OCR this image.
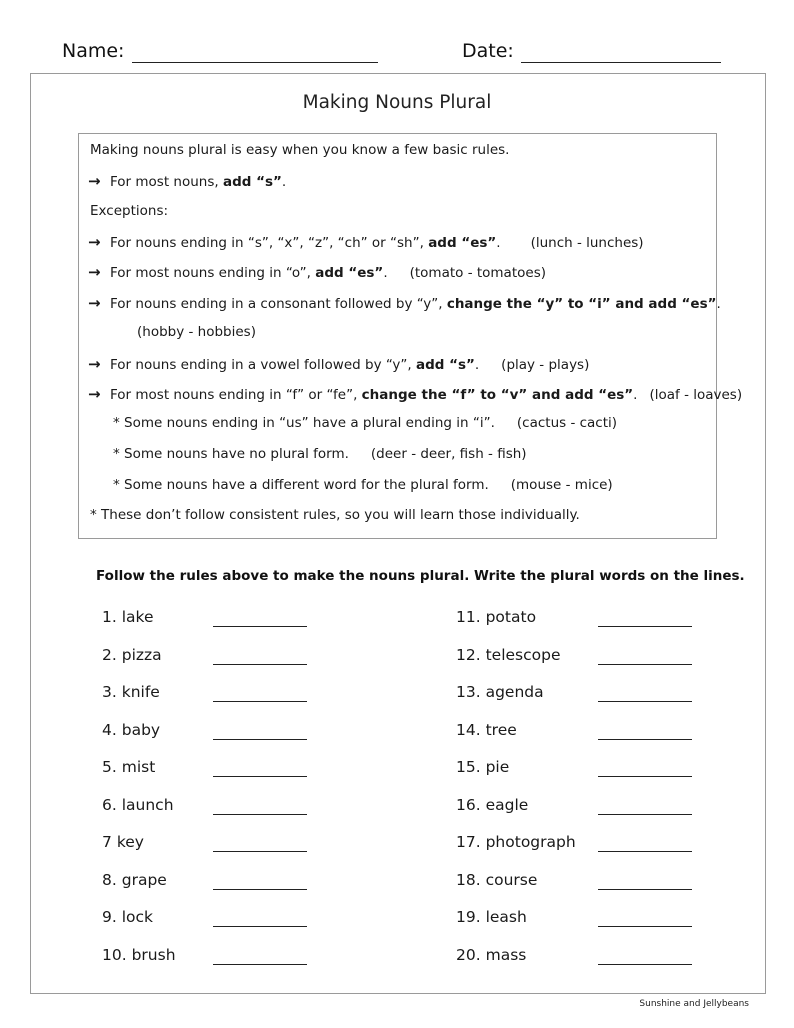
Name:	Date:
Making Nouns Plural
Making nouns plural is easy when you know a few basic rules.
→ For most nouns, add “s”.
Exceptions:
→ For nouns ending in “s”, “x”, “z”, “ch” or “sh”, add “es”. (lunch - lunches)
→ For most nouns ending in “o”, add “es”. (tomato - tomatoes)
→ For nouns ending in a consonant followed by “y”, change the “y” to “i” and add “es”.
(hobby - hobbies)
→ For nouns ending in a vowel followed by “y”, add “s”. (play - plays)
→ For most nouns ending in “f” or “fe”, change the “f” to “v” and add “es”. (loaf - loaves)
* Some nouns ending in “us” have a plural ending in “i”. (cactus - cacti)
* Some nouns have no plural form. (deer - deer, fish - fish)
* Some nouns have a different word for the plural form. (mouse - mice)
* These don’t follow consistent rules, so you will learn those individually.
Follow the rules above to make the nouns plural. Write the plural words on the lines.
1. lake
2. pizza
3. knife
4. baby
5. mist
6. launch
7 key
8. grape
9. lock
10. brush
11. potato
12. telescope
13. agenda
14. tree
15. pie
16. eagle
17. photograph
18. course
19. leash
20. mass
Sunshine and Jellybeans
